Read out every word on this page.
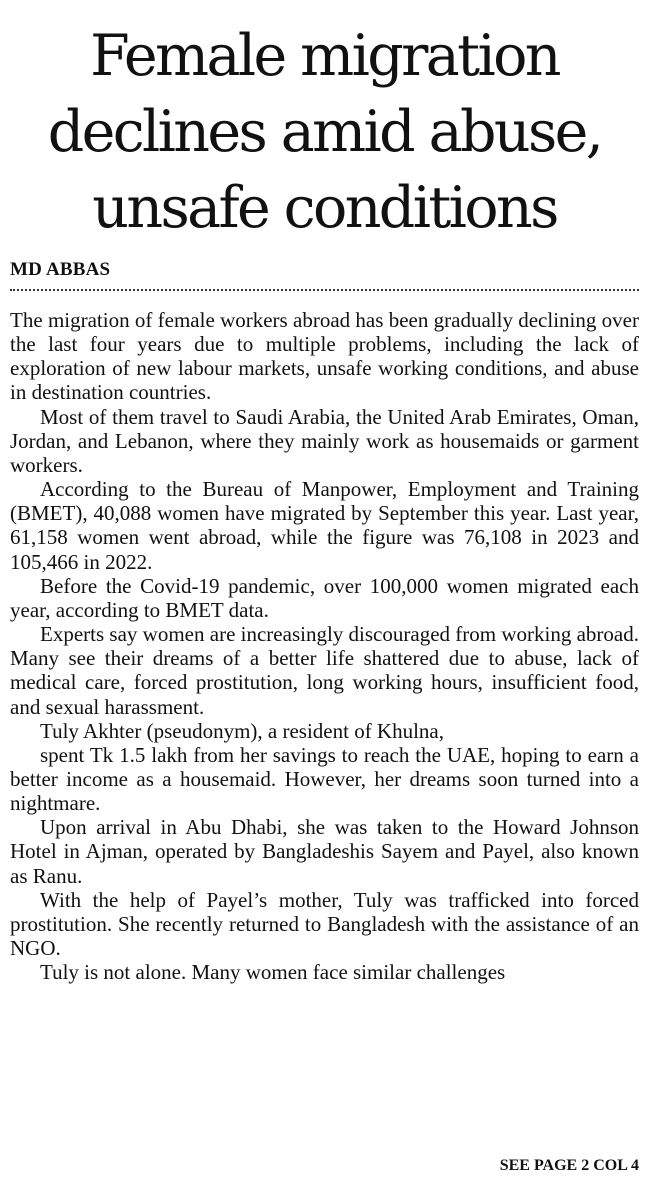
Female migration
declines amid abuse,
unsafe conditions
MD ABBAS

The migration of female workers abroad has been gradually declining over the last four years due to multiple problems, including the lack of exploration of new labour markets, unsafe working conditions, and abuse in destination countries.

Most of them travel to Saudi Arabia, the United Arab Emirates, Oman, Jordan, and Lebanon, where they mainly work as housemaids or garment workers.

According to the Bureau of Manpower, Employment and Training (BMET), 40,088 women have migrated by September this year. Last year, 61,158 women went abroad, while the figure was 76,108 in 2023 and 105,466 in 2022.

Before the Covid-19 pandemic, over 100,000 women migrated each year, according to BMET data.

Experts say women are increasingly discouraged from working abroad. Many see their dreams of a better life shattered due to abuse, lack of medical care, forced prostitution, long working hours, insufficient food, and sexual harassment.

Tuly Akhter (pseudonym), a resident of Khulna,

spent Tk 1.5 lakh from her savings to reach the UAE, hoping to earn a better income as a housemaid. However, her dreams soon turned into a nightmare.

Upon arrival in Abu Dhabi, she was taken to the Howard Johnson Hotel in Ajman, operated by Bangladeshis Sayem and Payel, also known as Ranu.

With the help of Payel’s mother, Tuly was trafficked into forced prostitution. She recently returned to Bangladesh with the assistance of an NGO.

Tuly is not alone. Many women face similar challenges

SEE PAGE 2 COL 4
